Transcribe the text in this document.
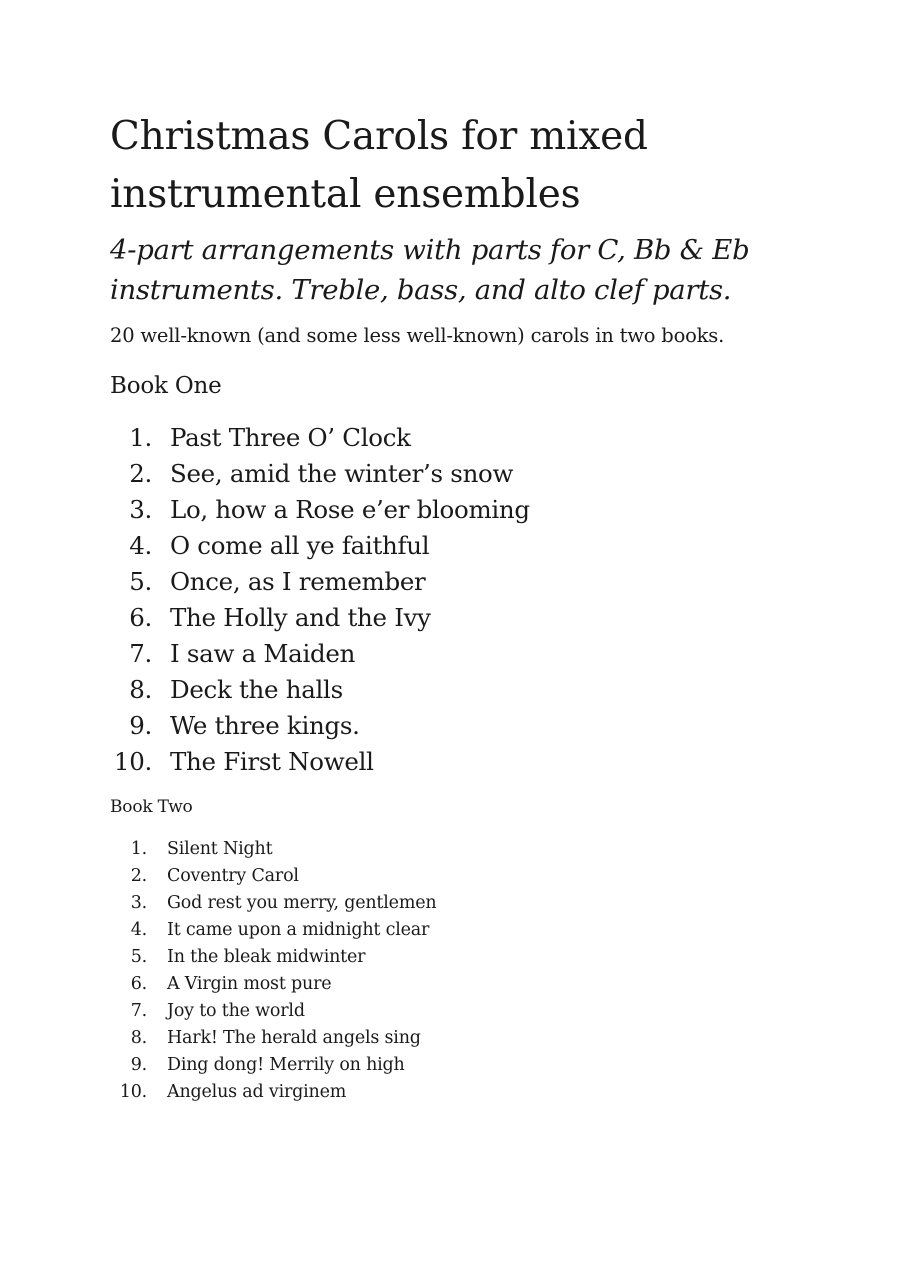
Christmas Carols for mixed instrumental ensembles
4-part arrangements with parts for C, Bb & Eb instruments. Treble, bass, and alto clef parts.

20 well-known (and some less well-known) carols in two books.

Book One
1. Past Three O’ Clock
2. See, amid the winter’s snow
3. Lo, how a Rose e’er blooming
4. O come all ye faithful
5. Once, as I remember
6. The Holly and the Ivy
7. I saw a Maiden
8. Deck the halls
9. We three kings.
10. The First Nowell
Book Two
1. Silent Night
2. Coventry Carol
3. God rest you merry, gentlemen
4. It came upon a midnight clear
5. In the bleak midwinter
6. A Virgin most pure
7. Joy to the world
8. Hark! The herald angels sing
9. Ding dong! Merrily on high
10. Angelus ad virginem
